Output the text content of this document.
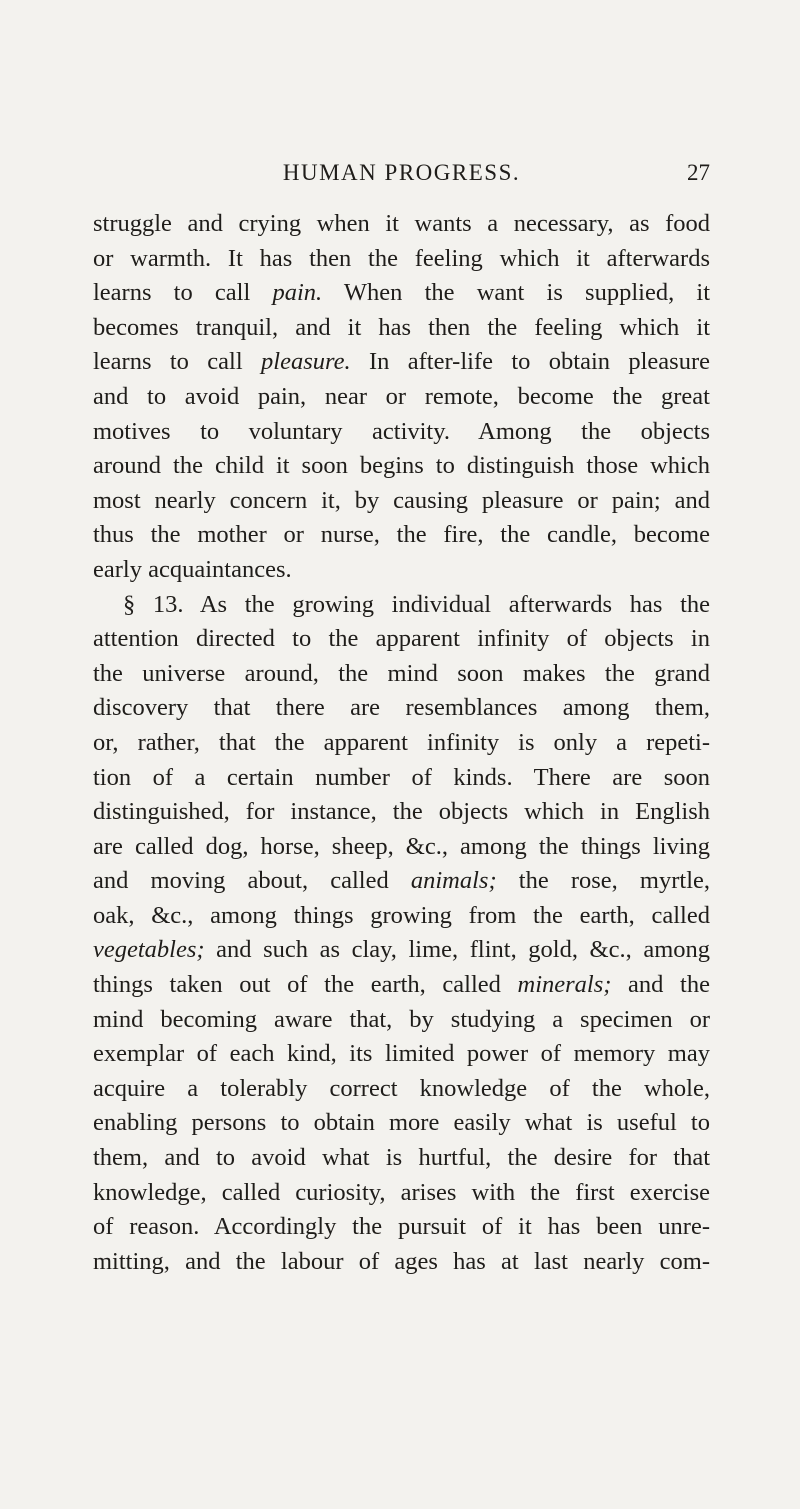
HUMAN PROGRESS.	27
struggle and crying when it wants a necessary, as food
or warmth. It has then the feeling which it afterwards
learns to call pain. When the want is supplied, it
becomes tranquil, and it has then the feeling which it
learns to call pleasure. In after-life to obtain pleasure
and to avoid pain, near or remote, become the great
motives to voluntary activity. Among the objects
around the child it soon begins to distinguish those which
most nearly concern it, by causing pleasure or pain; and
thus the mother or nurse, the fire, the candle, become
early acquaintances.
§ 13. As the growing individual afterwards has the
attention directed to the apparent infinity of objects in
the universe around, the mind soon makes the grand
discovery that there are resemblances among them,
or, rather, that the apparent infinity is only a repeti-
tion of a certain number of kinds. There are soon
distinguished, for instance, the objects which in English
are called dog, horse, sheep, &c., among the things living
and moving about, called animals; the rose, myrtle,
oak, &c., among things growing from the earth, called
vegetables; and such as clay, lime, flint, gold, &c., among
things taken out of the earth, called minerals; and the
mind becoming aware that, by studying a specimen or
exemplar of each kind, its limited power of memory may
acquire a tolerably correct knowledge of the whole,
enabling persons to obtain more easily what is useful to
them, and to avoid what is hurtful, the desire for that
knowledge, called curiosity, arises with the first exercise
of reason. Accordingly the pursuit of it has been unre-
mitting, and the labour of ages has at last nearly com-
